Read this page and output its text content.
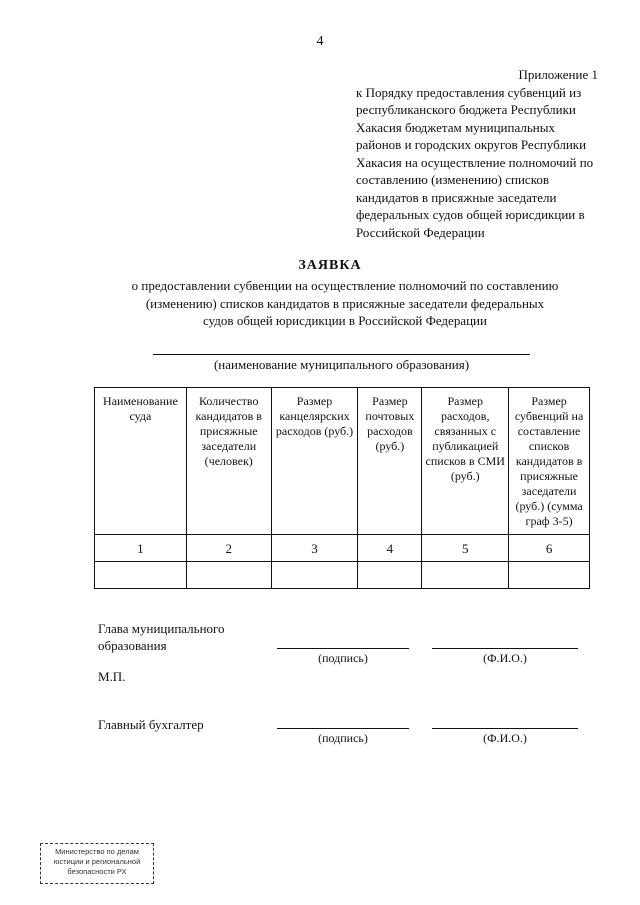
4
Приложение 1
к Порядку предоставления субвенций из республиканского бюджета Республики Хакасия бюджетам муниципальных районов и городских округов Республики Хакасия на осуществление полномочий по составлению (изменению) списков кандидатов в присяжные заседатели федеральных судов общей юрисдикции в Российской Федерации
ЗАЯВКА
о предоставлении субвенции на осуществление полномочий по составлению (изменению) списков кандидатов в присяжные заседатели федеральных судов общей юрисдикции в Российской Федерации
(наименование муниципального образования)
Наименование суда	Количество кандидатов в присяжные заседатели (человек)	Размер канцелярских расходов (руб.)	Размер почтовых расходов (руб.)	Размер расходов, связанных с публикацией списков в СМИ (руб.)	Размер субвенций на составление списков кандидатов в присяжные заседатели (руб.) (сумма граф 3-5)
1	2	3	4	5	6

Глава муниципального образования
(подпись)	(Ф.И.О.)
М.П.
Главный бухгалтер
(подпись)	(Ф.И.О.)
Министерство по делам
юстиции и региональной
безопасности РХ
